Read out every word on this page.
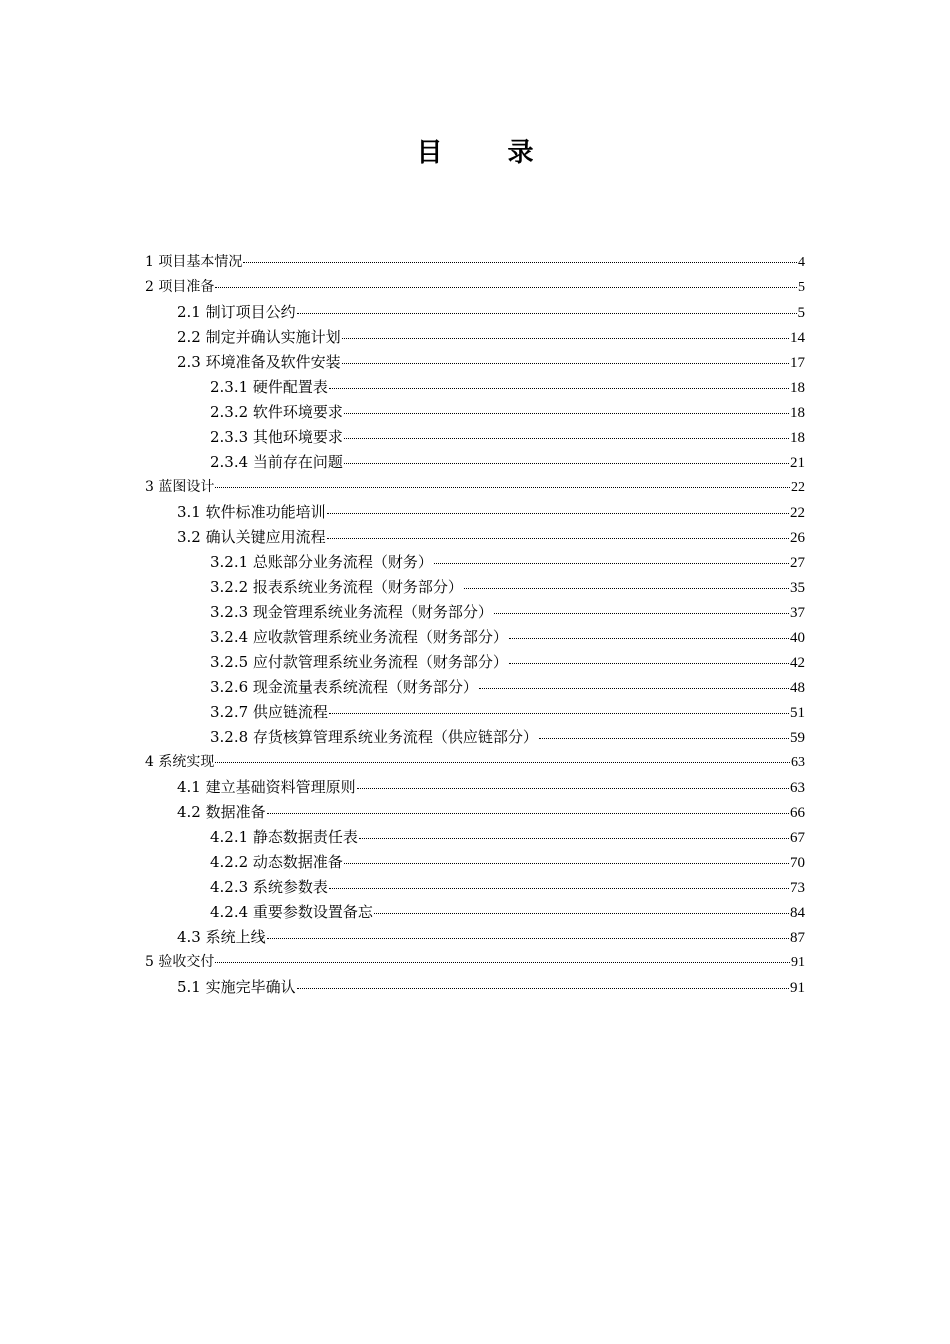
目 录
1 项目基本情况	4
2 项目准备	5
2.1 制订项目公约	5
2.2 制定并确认实施计划	14
2.3 环境准备及软件安装	17
2.3.1 硬件配置表	18
2.3.2 软件环境要求	18
2.3.3 其他环境要求	18
2.3.4 当前存在问题	21
3 蓝图设计	22
3.1 软件标准功能培训	22
3.2 确认关键应用流程	26
3.2.1 总账部分业务流程（财务）	27
3.2.2 报表系统业务流程（财务部分）	35
3.2.3 现金管理系统业务流程（财务部分）	37
3.2.4 应收款管理系统业务流程（财务部分）	40
3.2.5 应付款管理系统业务流程（财务部分）	42
3.2.6 现金流量表系统流程（财务部分）	48
3.2.7 供应链流程	51
3.2.8 存货核算管理系统业务流程（供应链部分）	59
4 系统实现	63
4.1 建立基础资料管理原则	63
4.2 数据准备	66
4.2.1 静态数据责任表	67
4.2.2 动态数据准备	70
4.2.3 系统参数表	73
4.2.4 重要参数设置备忘	84
4.3 系统上线	87
5 验收交付	91
5.1 实施完毕确认	91
